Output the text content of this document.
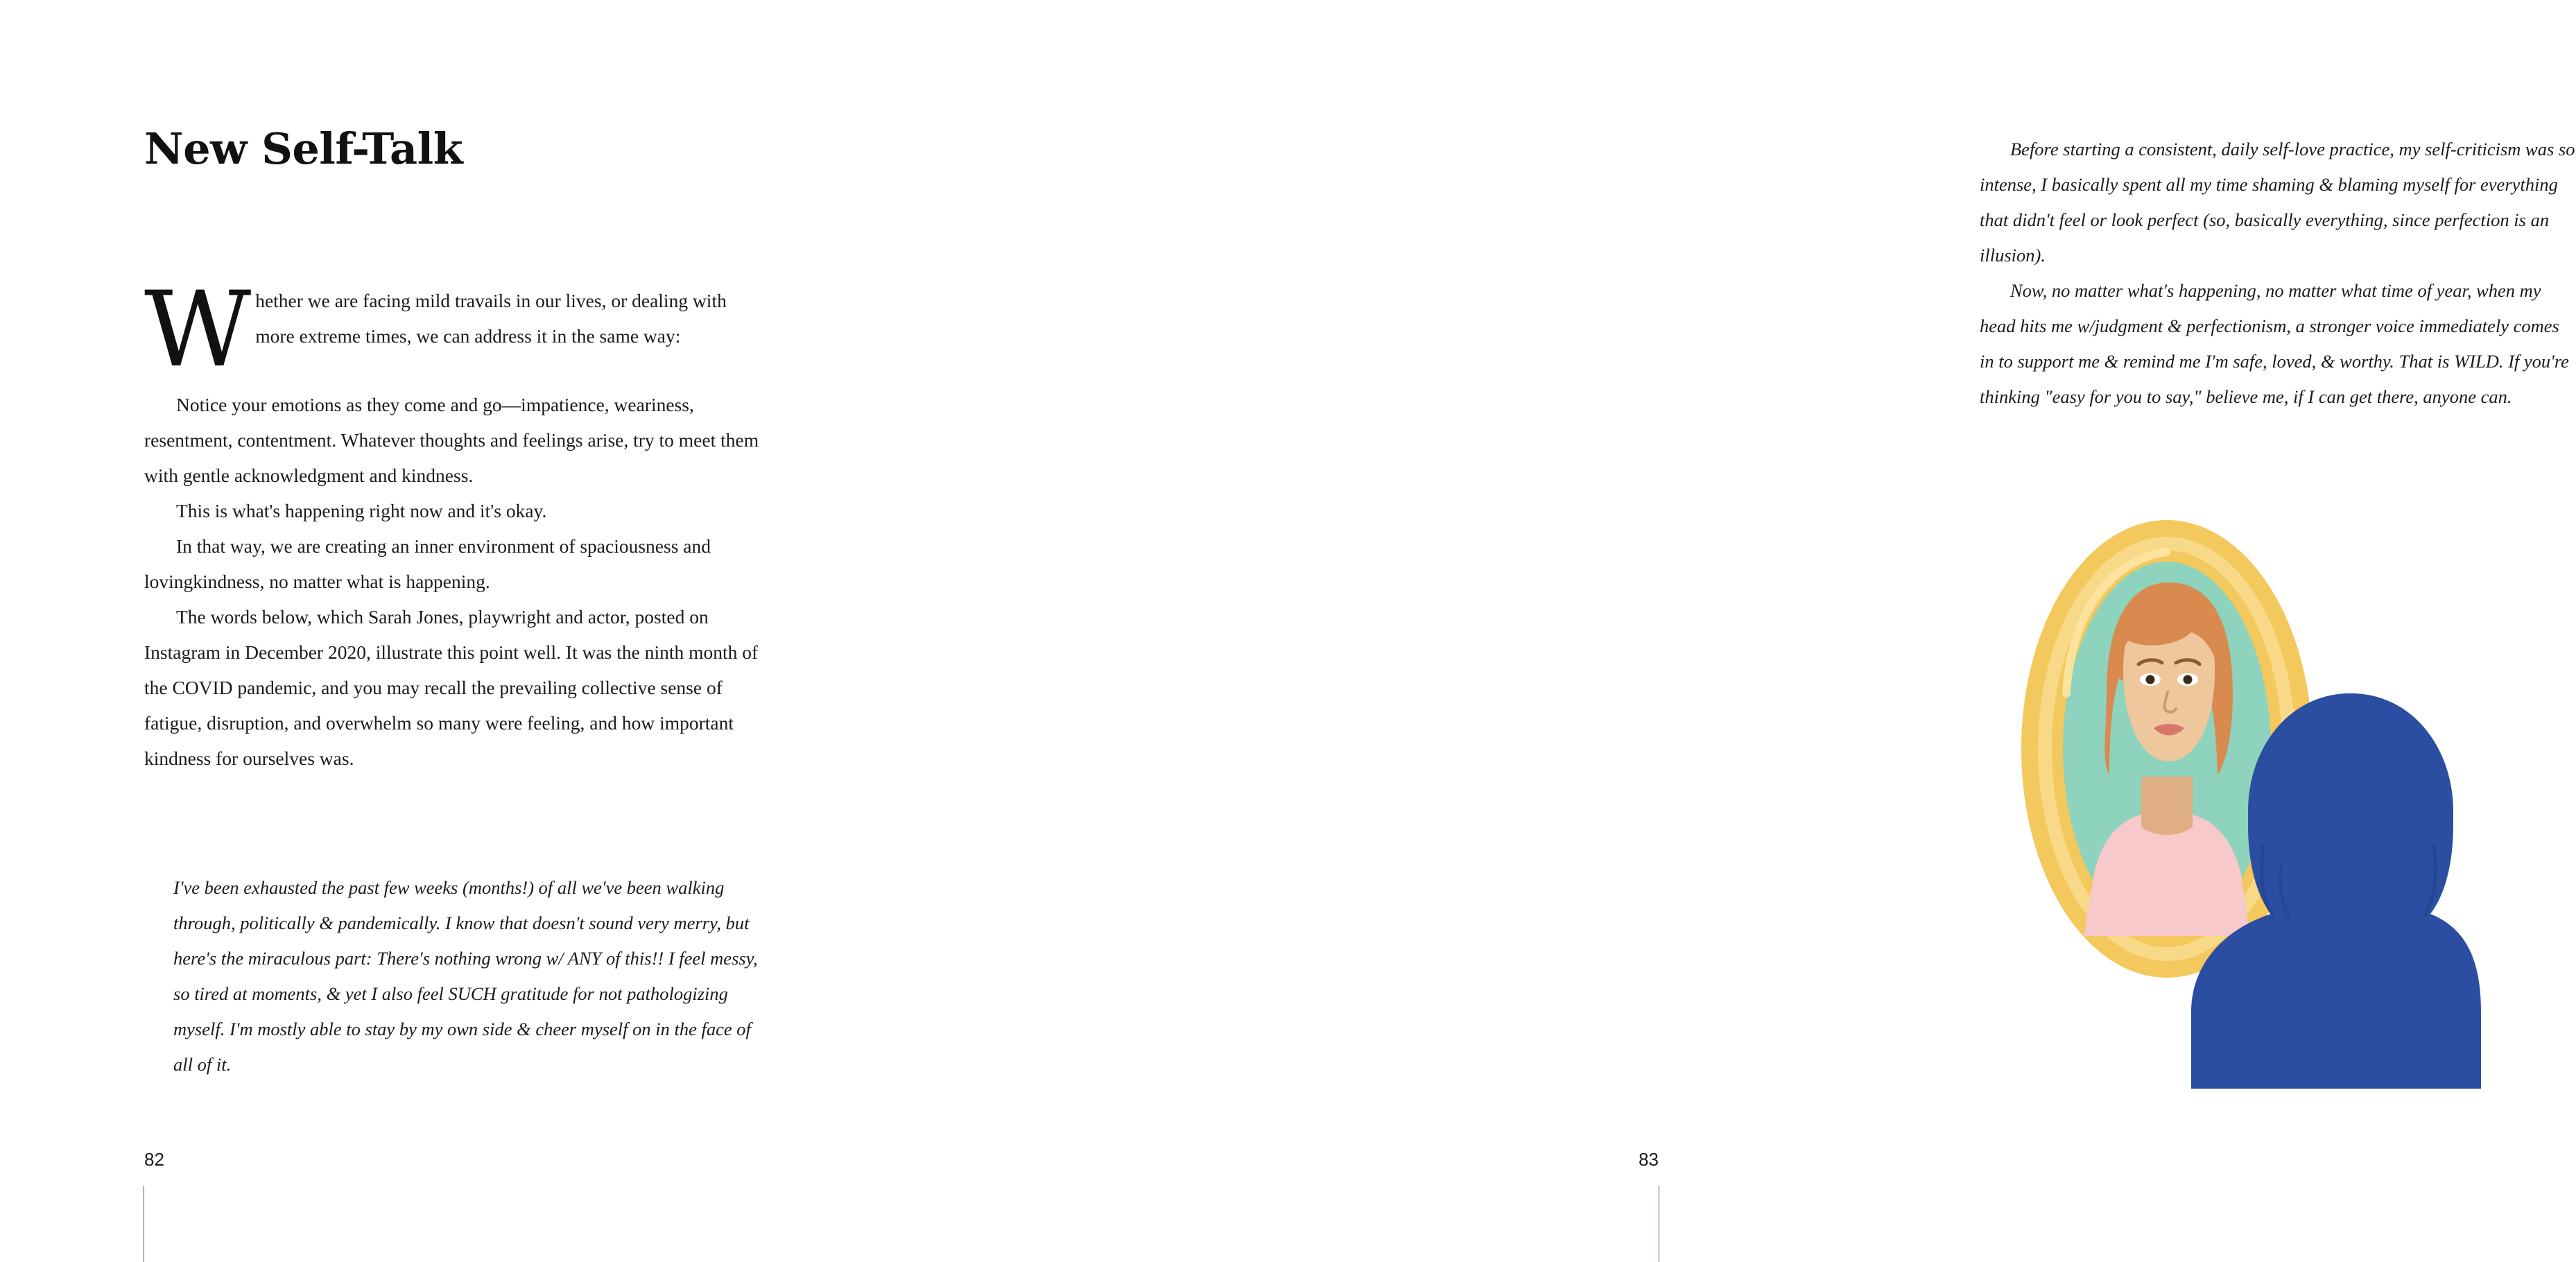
New Self-Talk

Whether we are facing mild travails in our lives, or dealing with more extreme times, we can address it in the same way:

Notice your emotions as they come and go—impatience, weariness, resentment, contentment. Whatever thoughts and feelings arise, try to meet them with gentle acknowledgment and kindness.

This is what's happening right now and it's okay.

In that way, we are creating an inner environment of spaciousness and lovingkindness, no matter what is happening.

The words below, which Sarah Jones, playwright and actor, posted on Instagram in December 2020, illustrate this point well. It was the ninth month of the COVID pandemic, and you may recall the prevailing collective sense of fatigue, disruption, and overwhelm so many were feeling, and how important kindness for ourselves was.

I've been exhausted the past few weeks (months!) of all we've been walking through, politically & pandemically. I know that doesn't sound very merry, but here's the miraculous part: There's nothing wrong w/ ANY of this!! I feel messy, so tired at moments, & yet I also feel SUCH gratitude for not pathologizing myself. I'm mostly able to stay by my own side & cheer myself on in the face of all of it.

82

Before starting a consistent, daily self-love practice, my self-criticism was so intense, I basically spent all my time shaming & blaming myself for everything that didn't feel or look perfect (so, basically everything, since perfection is an illusion).

Now, no matter what's happening, no matter what time of year, when my head hits me w/judgment & perfectionism, a stronger voice immediately comes in to support me & remind me I'm safe, loved, & worthy. That is WILD. If you're thinking "easy for you to say," believe me, if I can get there, anyone can.

83
